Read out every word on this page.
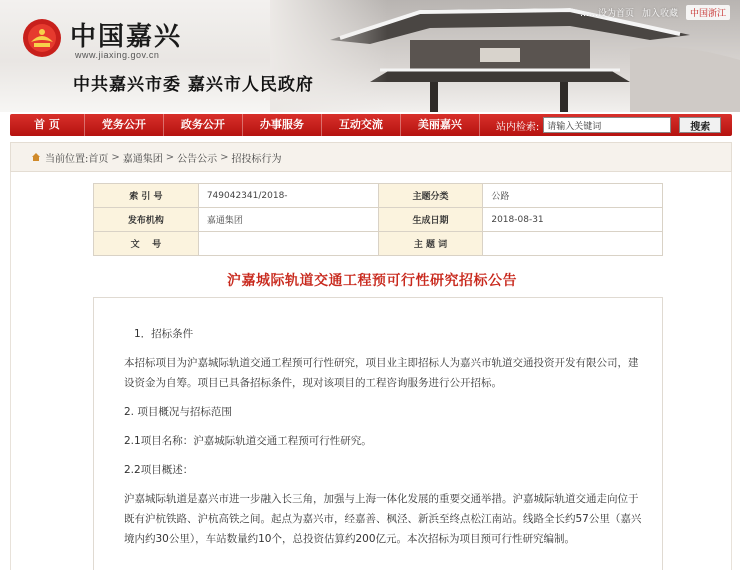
中国嘉兴
www.jiaxing.gov.cn
中共嘉兴市委 嘉兴市人民政府
……设为首页 加入收藏	中国浙江
首 页	党务公开	政务公开	办事服务	互动交流	美丽嘉兴	站内检索:
请输入关键词	搜索
当前位置: 首页 > 嘉通集团 > 公告公示 > 招投标行为
索 引 号	749042341/2018-	主题分类	公路
发布机构	嘉通集团	生成日期	2018-08-31
文    号		主 题 词	
沪嘉城际轨道交通工程预可行性研究招标公告

1．招标条件

本招标项目为沪嘉城际轨道交通工程预可行性研究，项目业主即招标人为嘉兴市轨道交通投资开发有限公司，建设资金为自筹。项目已具备招标条件，现对该项目的工程咨询服务进行公开招标。

2. 项目概况与招标范围

2.1项目名称：沪嘉城际轨道交通工程预可行性研究。

2.2项目概述：

沪嘉城际轨道是嘉兴市进一步融入长三角，加强与上海一体化发展的重要交通举措。沪嘉城际轨道交通走向位于既有沪杭铁路、沪杭高铁之间。起点为嘉兴市，经嘉善、枫泾、新浜至终点松江南站。线路全长约57公里（嘉兴境内约30公里），车站数量约10个，总投资估算约200亿元。本次招标为项目预可行性研究编制。
